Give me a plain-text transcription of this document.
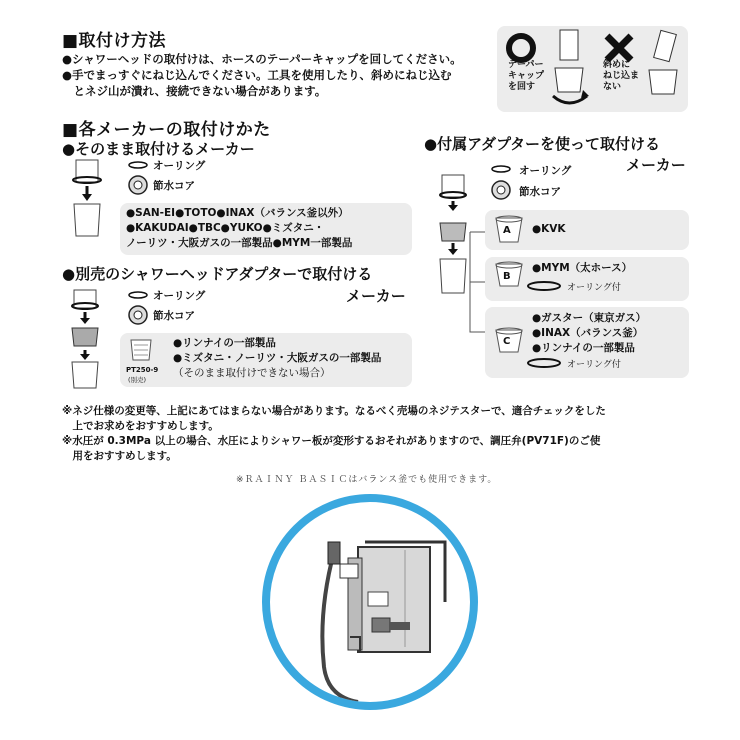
■取付け方法
●シャワーヘッドの取付けは、ホースのテーパーキャップを回してください。
●手でまっすぐにねじ込んでください。工具を使用したり、斜めにねじ込む
　とネジ山が潰れ、接続できない場合があります。
テーパー
キャップ
を回す
斜めに
ねじ込ま
ない
■各メーカーの取付けかた
●そのまま取付けるメーカー
オーリング
節水コア
●SAN-EI●TOTO●INAX（バランス釜以外）
●KAKUDAI●TBC●YUKO●ミズタニ・
ノーリツ・大阪ガスの一部製品●MYM一部製品
●別売のシャワーヘッドアダプターで取付ける
メーカー
オーリング
節水コア
PT250-9
(別売)
●リンナイの一部製品
●ミズタニ・ノーリツ・大阪ガスの一部製品
（そのまま取付けできない場合）
●付属アダプターを使って取付ける
メーカー
オーリング
節水コア
A ●KVK
B
●MYM（太ホース）
オーリング付
C
●ガスター（東京ガス）
●INAX（バランス釜）
●リンナイの一部製品
オーリング付
※ネジ仕様の変更等、上記にあてはまらない場合があります。なるべく売場のネジテスターで、適合チェックをした
　上でお求めをおすすめします。
※水圧が 0.3MPa 以上の場合、水圧によりシャワー板が変形するおそれがありますので、調圧弁(PV71F)のご使
　用をおすすめします。
※ＲＡＩＮＹ ＢＡＳＩＣはバランス釜でも使用できます。
